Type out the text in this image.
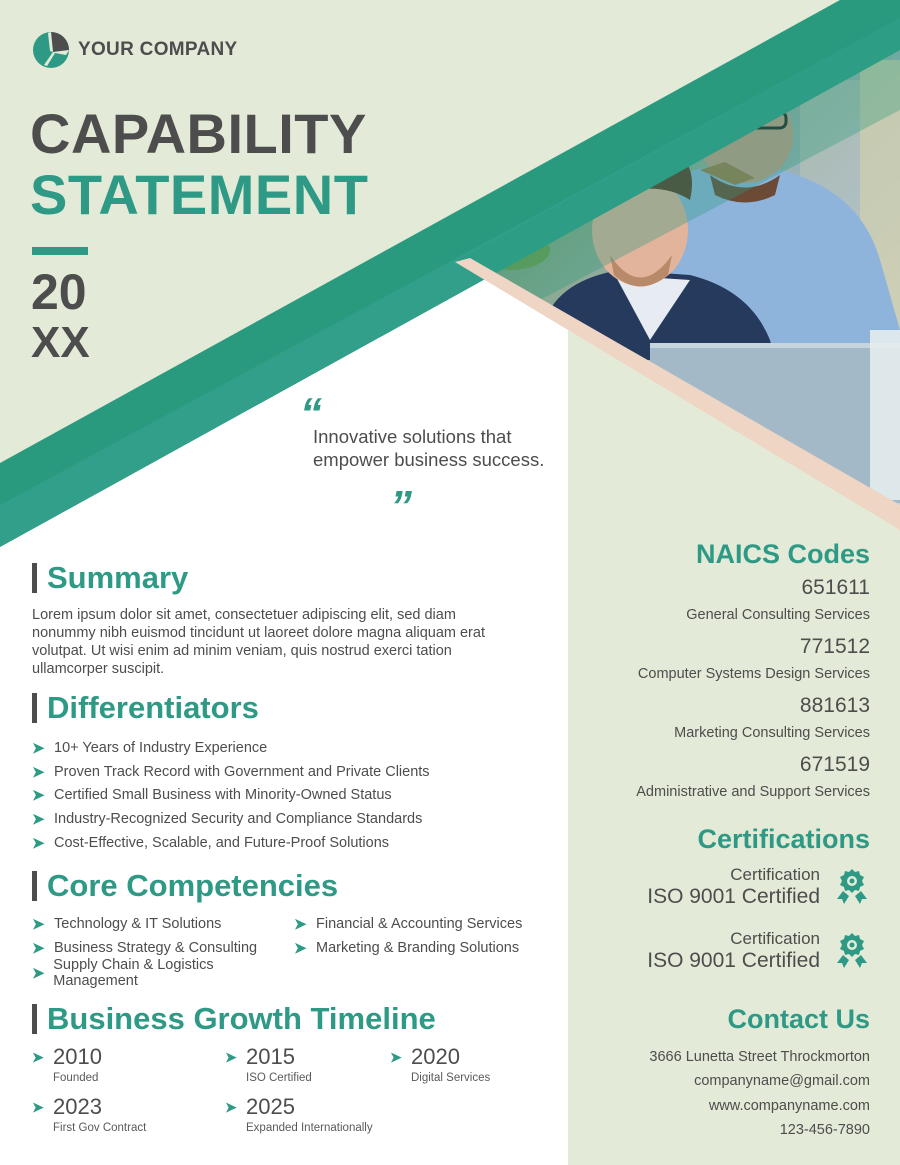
YOUR COMPANY
CAPABILITY
STATEMENT
20
XX
“
Innovative solutions that empower business success.
”
Summary

Lorem ipsum dolor sit amet, consectetuer adipiscing elit, sed diam nonummy nibh euismod tincidunt ut laoreet dolore magna aliquam erat volutpat. Ut wisi enim ad minim veniam, quis nostrud exerci tation ullamcorper suscipit.

Differentiators
➤ 10+ Years of Industry Experience
➤ Proven Track Record with Government and Private Clients
➤ Certified Small Business with Minority-Owned Status
➤ Industry-Recognized Security and Compliance Standards
➤ Cost-Effective, Scalable, and Future-Proof Solutions
Core Competencies
➤ Technology & IT Solutions	➤ Financial & Accounting Services
➤ Business Strategy & Consulting ➤ Marketing & Branding Solutions
➤ Supply Chain & Logistics Management
Business Growth Timeline
➤ 2010
Founded
➤ 2015
ISO Certified
➤ 2020
Digital Services
➤ 2023
First Gov Contract
➤ 2025
Expanded Internationally
NAICS Codes
651611
General Consulting Services
771512
Computer Systems Design Services
881613
Marketing Consulting Services
671519
Administrative and Support Services
Certifications
Certification
ISO 9001 Certified
Certification
ISO 9001 Certified
Contact Us
3666 Lunetta Street Throckmorton
companyname@gmail.com
www.companyname.com
123-456-7890
